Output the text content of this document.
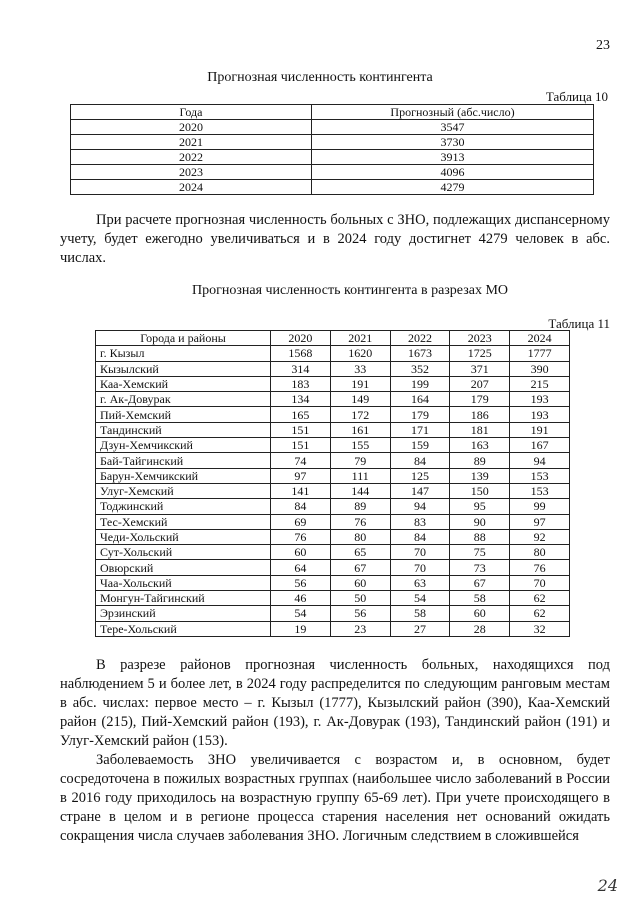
23
Прогнозная численность контингента
Таблица 10
Года	Прогнозный (абс.число)
2020	3547
2021	3730
2022	3913
2023	4096
2024	4279

При расчете прогнозная численность больных с ЗНО, подлежащих диспансерному учету, будет ежегодно увеличиваться и в 2024 году достигнет 4279 человек в абс. числах.

Прогнозная численность контингента в разрезах МО
Таблица 11
Города и районы	2020	2021	2022	2023	2024
г. Кызыл	1568	1620	1673	1725	1777
Кызылский	314	33	352	371	390
Каа-Хемский	183	191	199	207	215
г. Ак-Довурак	134	149	164	179	193
Пий-Хемский	165	172	179	186	193
Тандинский	151	161	171	181	191
Дзун-Хемчикский	151	155	159	163	167
Бай-Тайгинский	74	79	84	89	94
Барун-Хемчикский	97	111	125	139	153
Улуг-Хемский	141	144	147	150	153
Тоджинский	84	89	94	95	99
Тес-Хемский	69	76	83	90	97
Чеди-Хольский	76	80	84	88	92
Сут-Хольский	60	65	70	75	80
Овюрский	64	67	70	73	76
Чаа-Хольский	56	60	63	67	70
Монгун-Тайгинский	46	50	54	58	62
Эрзинский	54	56	58	60	62
Тере-Хольский	19	23	27	28	32

В разрезе районов прогнозная численность больных, находящихся под наблюдением 5 и более лет, в 2024 году распределится по следующим ранговым местам в абс. числах: первое место – г. Кызыл (1777), Кызылский район (390), Каа-Хемский район (215), Пий-Хемский район (193), г. Ак-Довурак (193), Тандинский район (191) и Улуг-Хемский район (153).

Заболеваемость ЗНО увеличивается с возрастом и, в основном, будет сосредоточена в пожилых возрастных группах (наибольшее число заболеваний в России в 2016 году приходилось на возрастную группу 65-69 лет). При учете происходящего в стране в целом и в регионе процесса старения населения нет оснований ожидать сокращения числа случаев заболевания ЗНО. Логичным следствием в сложившейся

24
